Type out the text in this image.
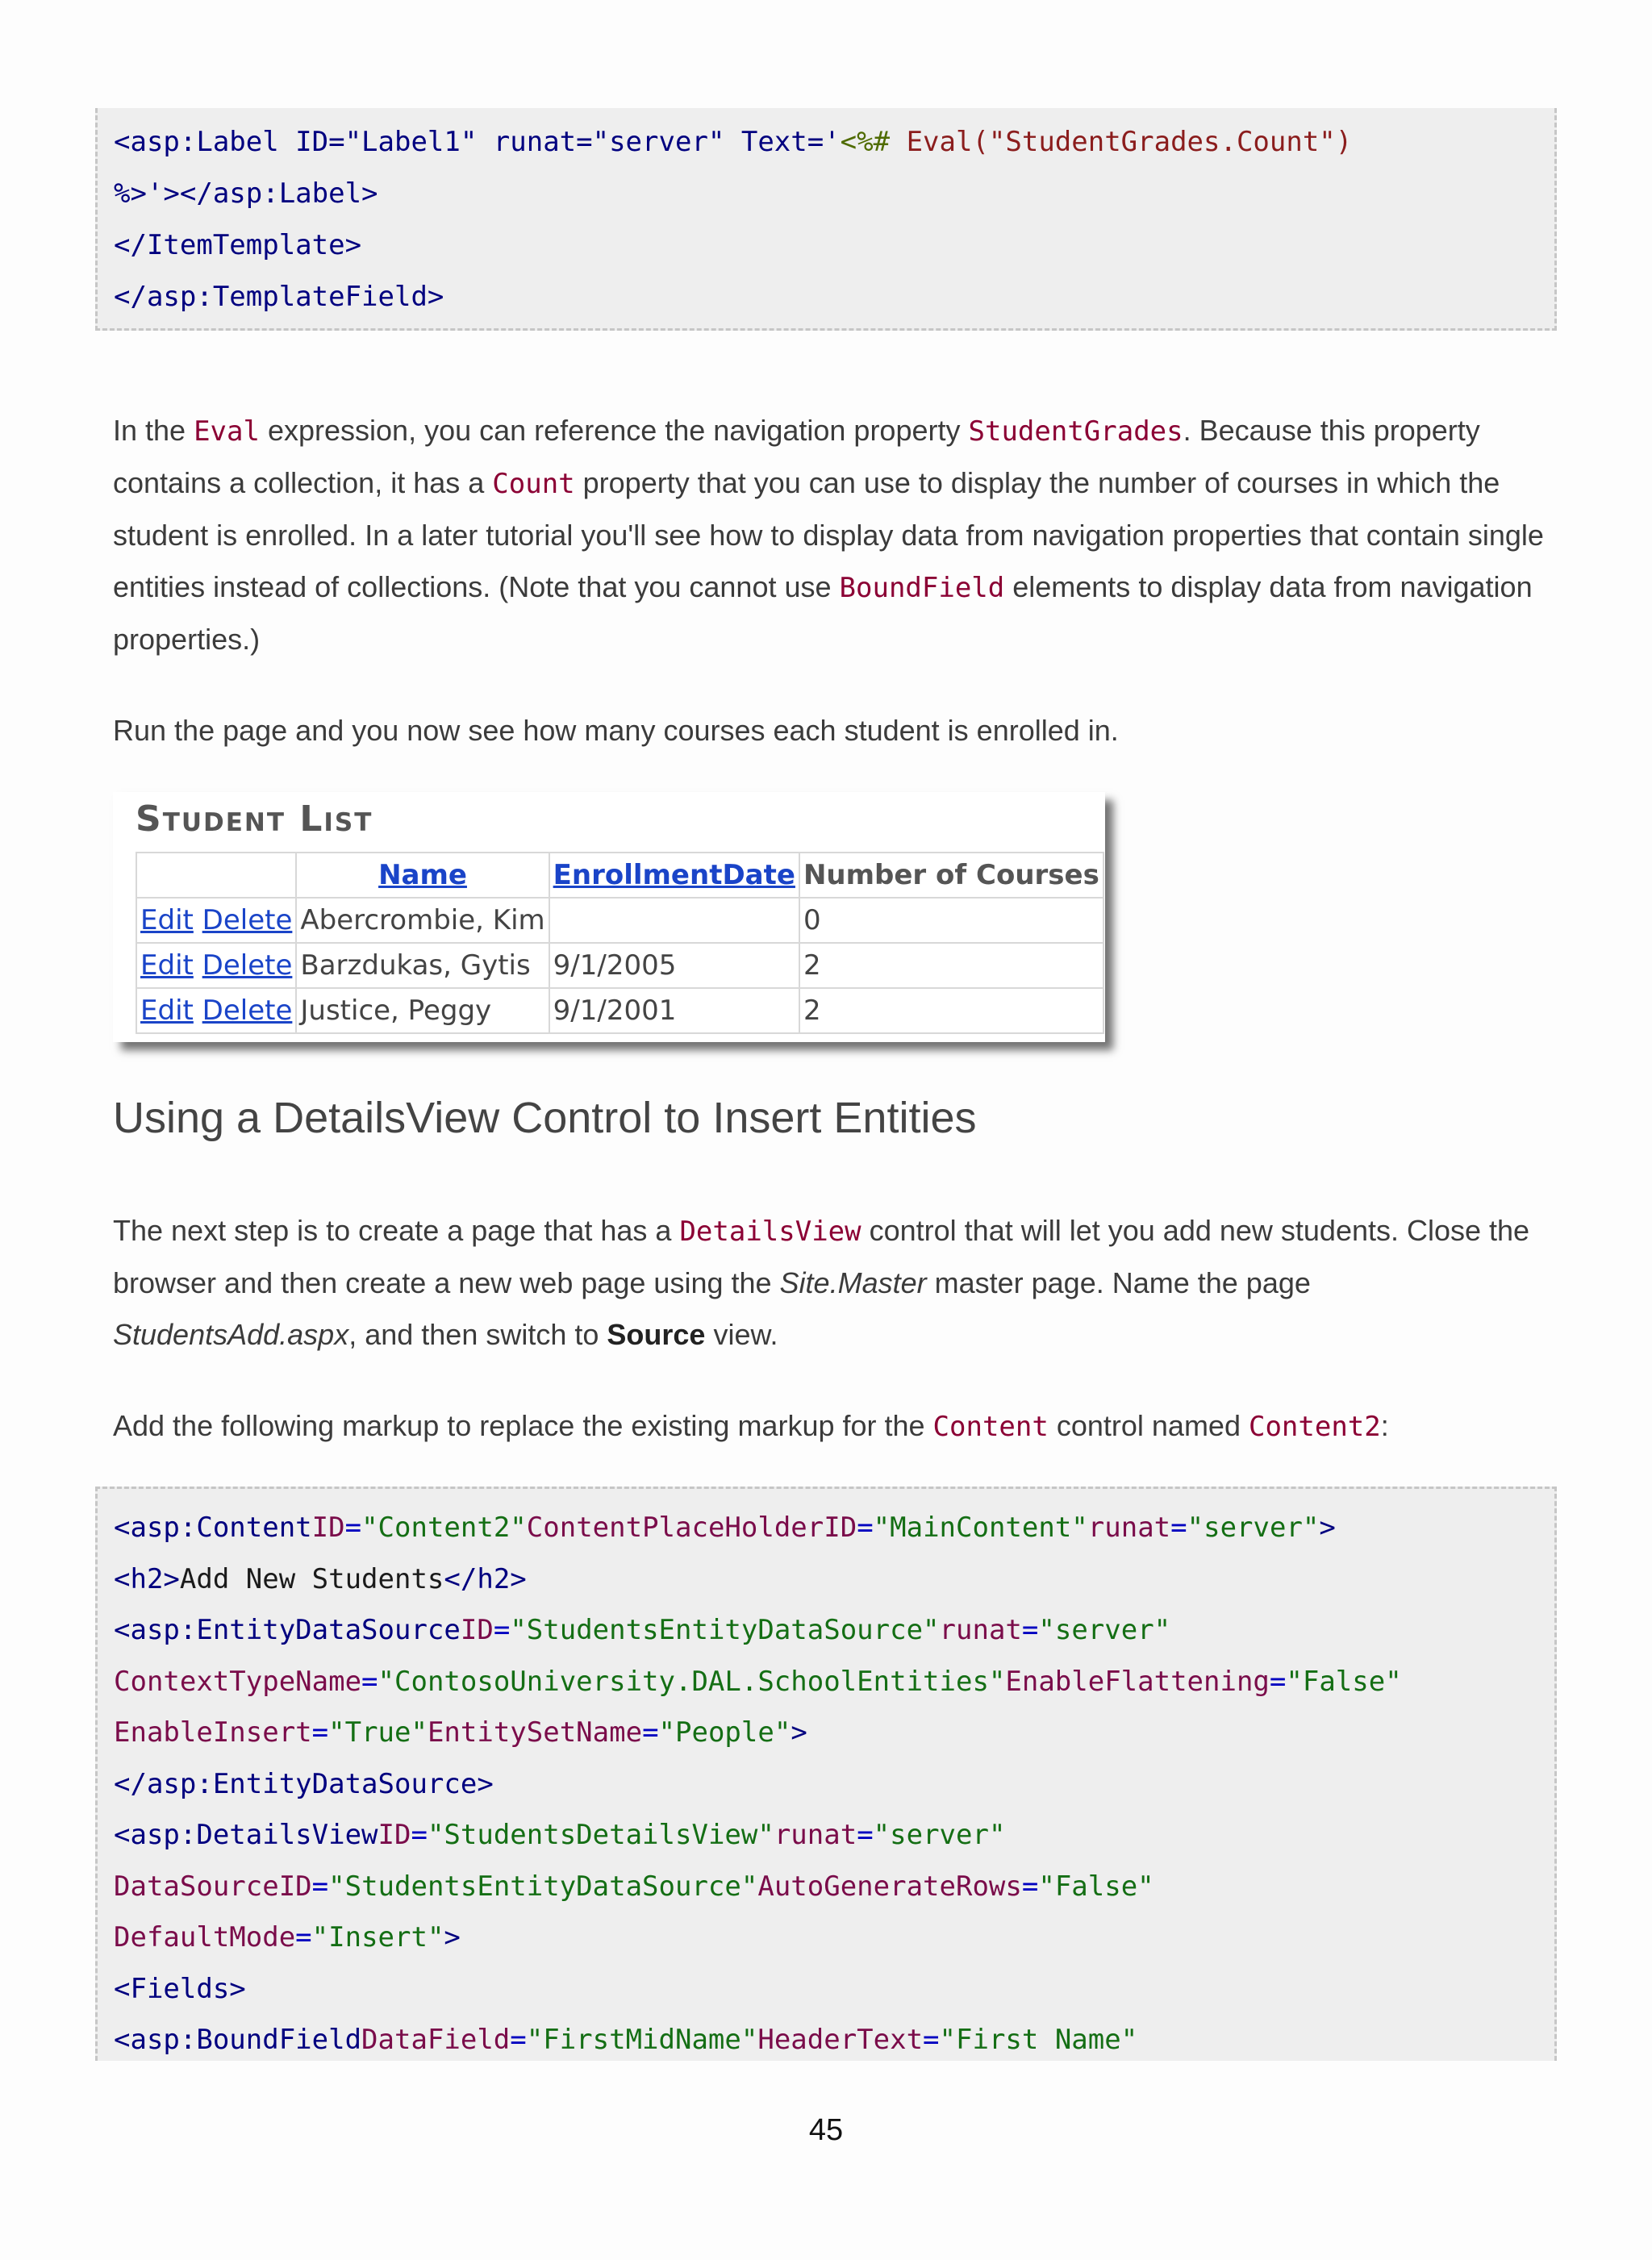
<asp:Label ID="Label1" runat="server" Text='<%# Eval("StudentGrades.Count")
%>'></asp:Label>
</ItemTemplate>
</asp:TemplateField>

In the Eval expression, you can reference the navigation property StudentGrades. Because this property contains a collection, it has a Count property that you can use to display the number of courses in which the student is enrolled. In a later tutorial you'll see how to display data from navigation properties that contain single entities instead of collections. (Note that you cannot use BoundField elements to display data from navigation properties.)

Run the page and you now see how many courses each student is enrolled in.

Student List
	Name	EnrollmentDate	Number of Courses
Edit Delete	Abercrombie, Kim		0
Edit Delete	Barzdukas, Gytis	9/1/2005	2
Edit Delete	Justice, Peggy	9/1/2001	2
Using a DetailsView Control to Insert Entities

The next step is to create a page that has a DetailsView control that will let you add new students. Close the browser and then create a new web page using the Site.Master master page. Name the page StudentsAdd.aspx, and then switch to Source view.

Add the following markup to replace the existing markup for the Content control named Content2:

<asp:ContentID="Content2"ContentPlaceHolderID="MainContent"runat="server">
<h2>Add New Students</h2>
<asp:EntityDataSourceID="StudentsEntityDataSource"runat="server"
ContextTypeName="ContosoUniversity.DAL.SchoolEntities"EnableFlattening="False"
EnableInsert="True"EntitySetName="People">
</asp:EntityDataSource>
<asp:DetailsViewID="StudentsDetailsView"runat="server"
DataSourceID="StudentsEntityDataSource"AutoGenerateRows="False"
DefaultMode="Insert">
<Fields>
<asp:BoundFieldDataField="FirstMidName"HeaderText="First Name"
45
